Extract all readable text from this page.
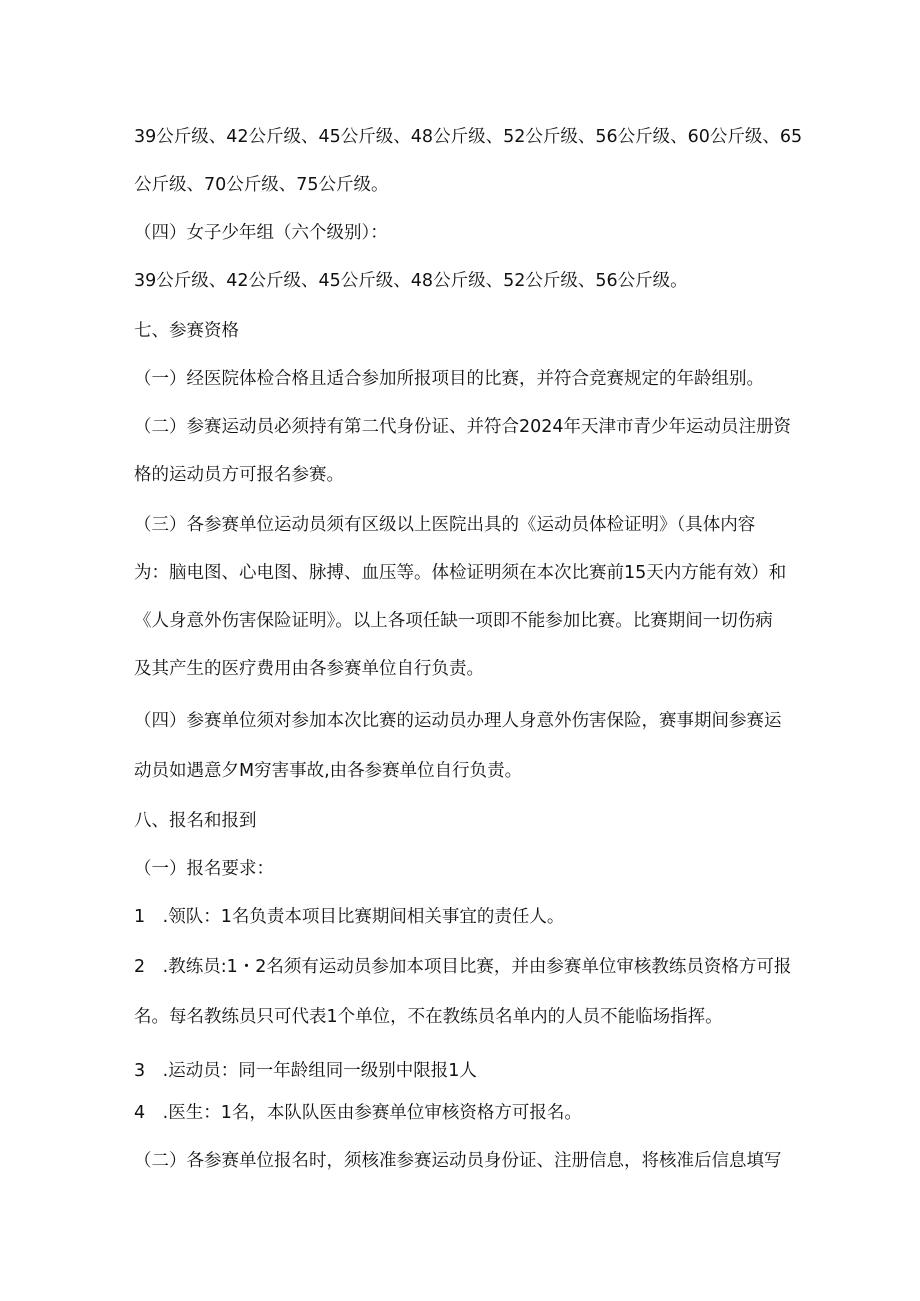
39公斤级、42公斤级、45公斤级、48公斤级、52公斤级、56公斤级、60公斤级、65
公斤级、70公斤级、75公斤级。
（四）女子少年组（六个级别）：
39公斤级、42公斤级、45公斤级、48公斤级、52公斤级、56公斤级。
七、参赛资格
（一）经医院体检合格且适合参加所报项目的比赛，并符合竞赛规定的年龄组别。
（二）参赛运动员必须持有第二代身份证、并符合2024年天津市青少年运动员注册资
格的运动员方可报名参赛。
（三）各参赛单位运动员须有区级以上医院出具的《运动员体检证明》（具体内容
为：脑电图、心电图、脉搏、血压等。体检证明须在本次比赛前15天内方能有效）和
《人身意外伤害保险证明》。以上各项任缺一项即不能参加比赛。比赛期间一切伤病
及其产生的医疗费用由各参赛单位自行负责。
（四）参赛单位须对参加本次比赛的运动员办理人身意外伤害保险，赛事期间参赛运
动员如遇意夕M穷害事故,由各参赛单位自行负责。
八、报名和报到
（一）报名要求：
1　.领队：1名负责本项目比赛期间相关事宜的责任人。
2　.教练员:1・2名须有运动员参加本项目比赛，并由参赛单位审核教练员资格方可报
名。每名教练员只可代表1个单位，不在教练员名单内的人员不能临场指挥。
3　.运动员：同一年龄组同一级别中限报1人
4　.医生：1名，本队队医由参赛单位审核资格方可报名。
（二）各参赛单位报名时，须核准参赛运动员身份证、注册信息，将核准后信息填写
